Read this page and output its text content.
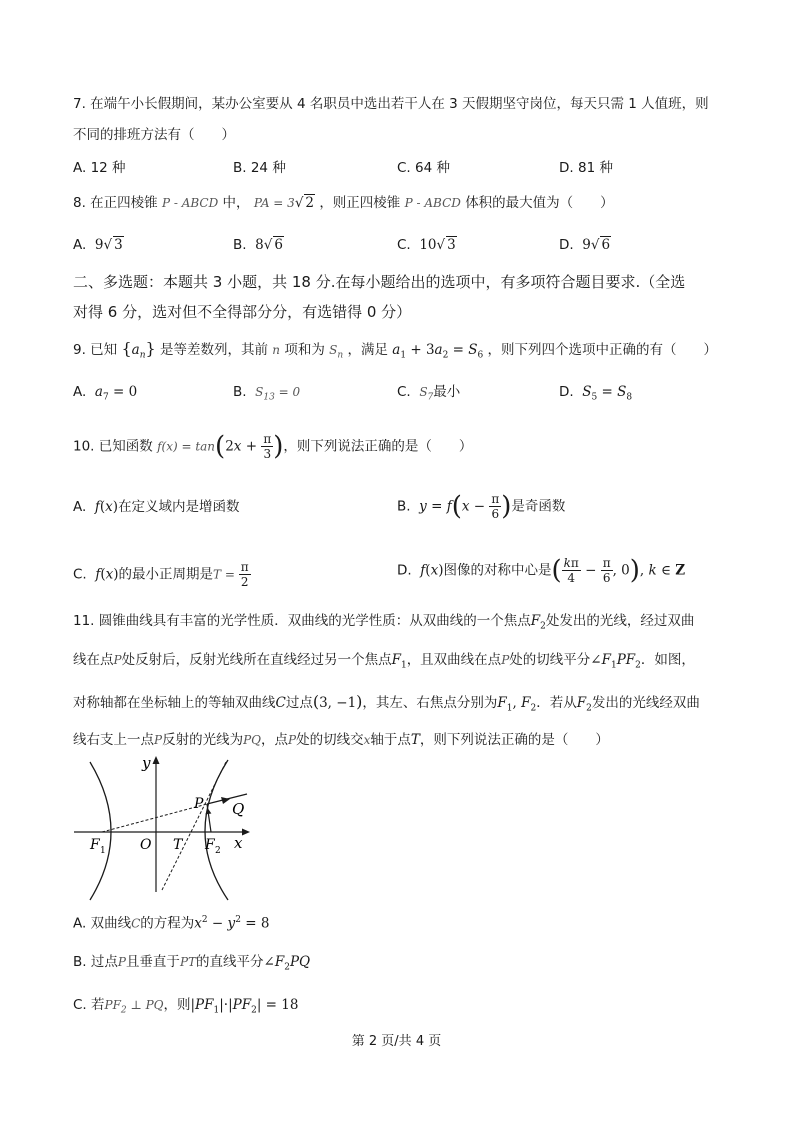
7. 在端午小长假期间，某办公室要从 4 名职员中选出若干人在 3 天假期坚守岗位，每天只需 1 人值班，则
不同的排班方法有（　　）
A. 12 种	B. 24 种	C. 64 种	D. 81 种
8. 在正四棱锥 P - ABCD 中， PA = 3√ 2 ，则正四棱锥 P - ABCD 体积的最大值为（　　）
A. 9√ 3	B. 8√ 6	C. 10√ 3	D. 9√ 6
二、多选题：本题共 3 小题，共 18 分.在每小题给出的选项中，有多项符合题目要求.（全选
对得 6 分，选对但不全得部分分，有选错得 0 分）
9. 已知 $\{a_n\}$ 是等差数列，其前 n 项和为 $S_n$ ，满足 $a_1 + 3a_2 = S_6$ ，则下列四个选项中正确的有（　　）
A.  $a_7 = 0$	B.  $S_{13} = 0$	C.  $S_7$最小	D.  $S_5 = S_8$
10. 已知函数 $f(x) = \tan(2x + \frac{\pi}{3}$ )，则下列说法正确的是（　　）
A.  f(x)在定义域内是增函数	B.  $y = f(x - \frac{\pi}{6}$ )是奇函数
C.  f(x)的最小正周期是$T = \frac{\pi}{2}$	D.  f(x)图像的对称中心是( $\frac{k\pi}{4} - \frac{\pi}{6}$ , 0), k ∈ Z
11. 圆锥曲线具有丰富的光学性质．双曲线的光学性质：从双曲线的一个焦点$F_2$处发出的光线，经过双曲
线在点P处反射后，反射光线所在直线经过另一个焦点$F_1$，且双曲线在点P处的切线平分$\angle F_1PF_2$．如图，
对称轴都在坐标轴上的等轴双曲线C过点(3, −1)，其左、右焦点分别为$F_1$, $F_2$．若从$F_2$发出的光线经双曲
线右支上一点P反射的光线为PQ，点P处的切线交x轴于点T，则下列说法正确的是（　　）
y
x
O T
P Q
F 1	F 2
A. 双曲线C的方程为$x^2 - y^2 = 8$
B. 过点P且垂直于PT的直线平分$\angle F_2PQ$
C. 若$PF_2$ ⊥ PQ，则$|PF_1|\cdot|PF_2| = 18$
第 2 页/共 4 页
